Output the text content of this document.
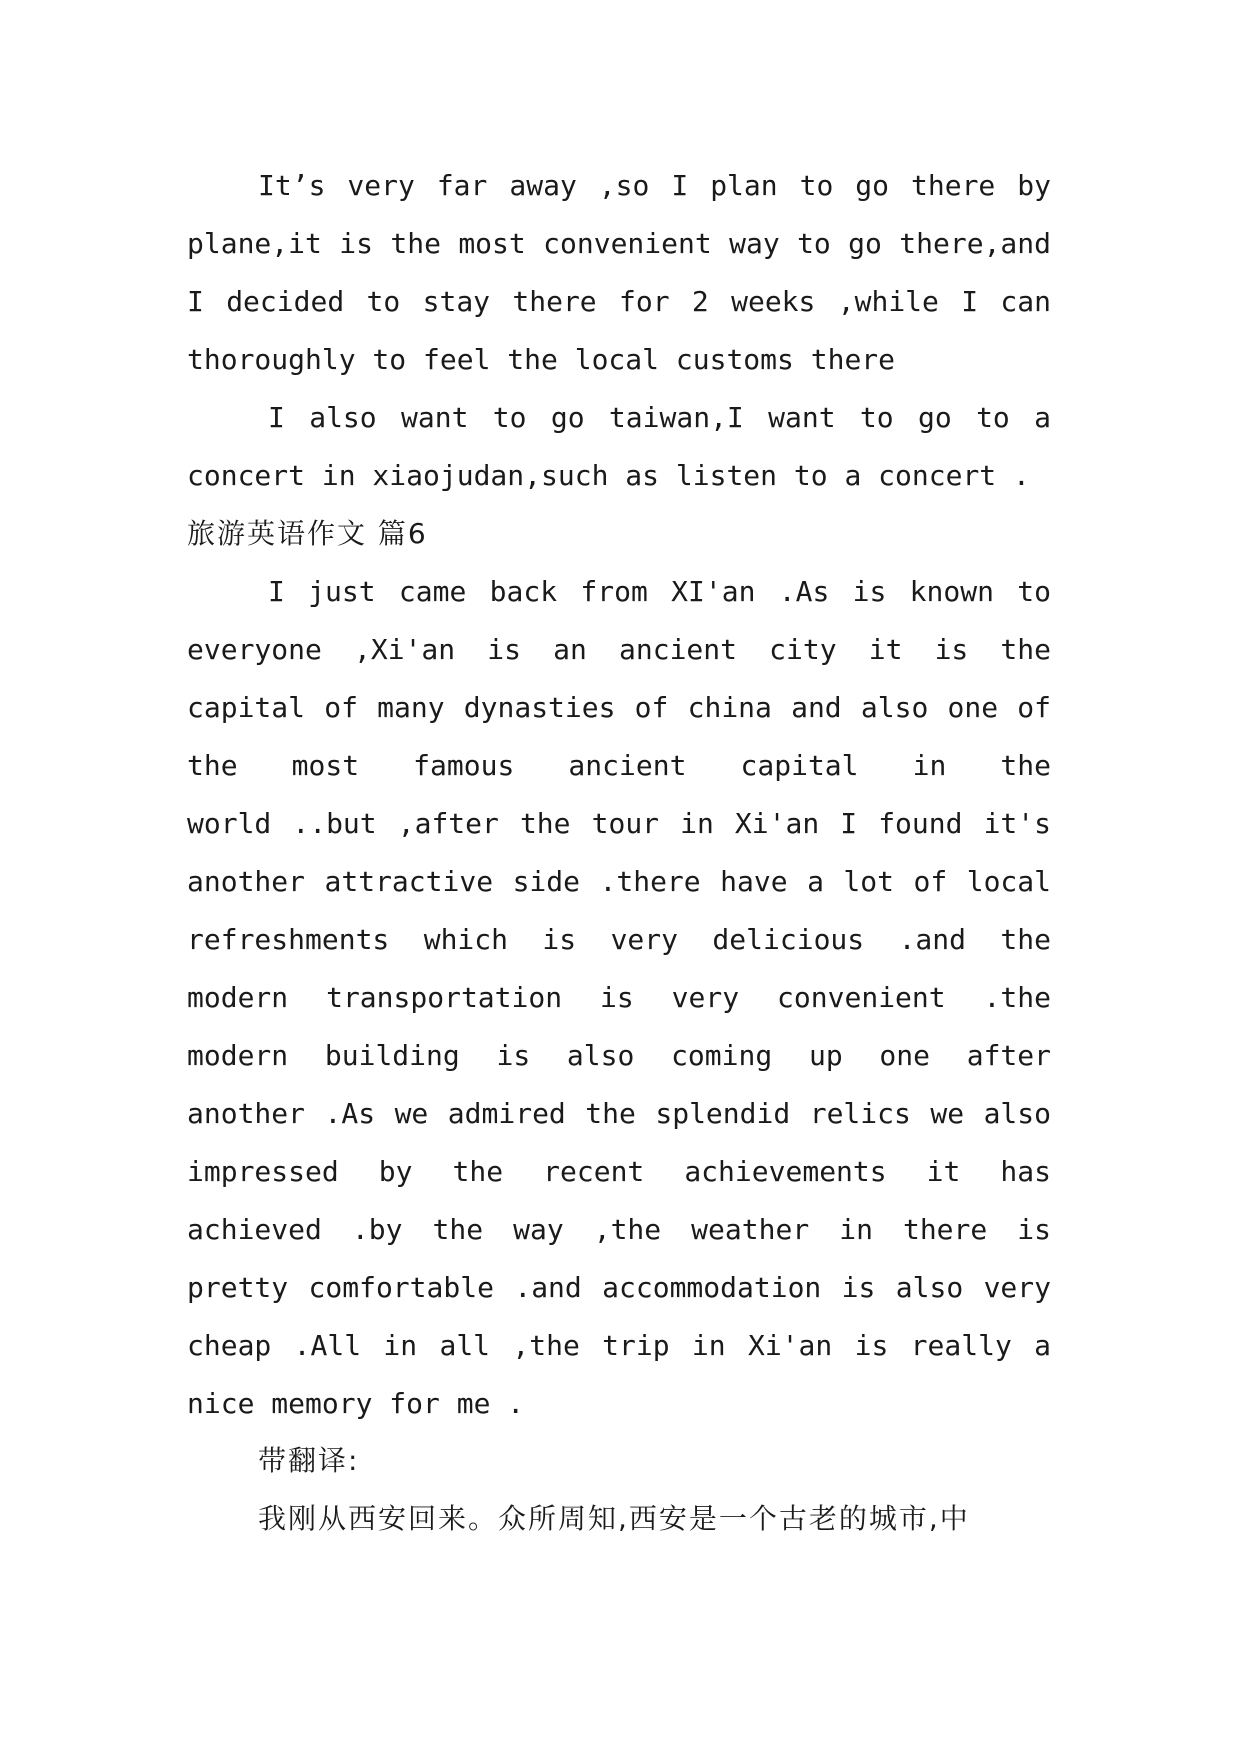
It’s very far away ,so I plan to go there by
plane,it is the most convenient way to go there,and
I decided to stay there for 2 weeks ,while I can
thoroughly to feel the local customs there
I also want to go taiwan,I want to go to a
concert in xiaojudan,such as listen to a concert .
旅游英语作文 篇6
I just came back from XI'an .As is known to
everyone ,Xi'an is an ancient city it is the
capital of many dynasties of china and also one of
the most famous ancient capital in the
world ..but ,after the tour in Xi'an I found it's
another attractive side .there have a lot of local
refreshments which is very delicious .and the
modern transportation is very convenient .the
modern building is also coming up one after
another .As we admired the splendid relics we also
impressed by the recent achievements it has
achieved .by the way ,the weather in there is
pretty comfortable .and accommodation is also very
cheap .All in all ,the trip in Xi'an is really a
nice memory for me .
带翻译:
我刚从西安回来。众所周知,西安是一个古老的城市,中
